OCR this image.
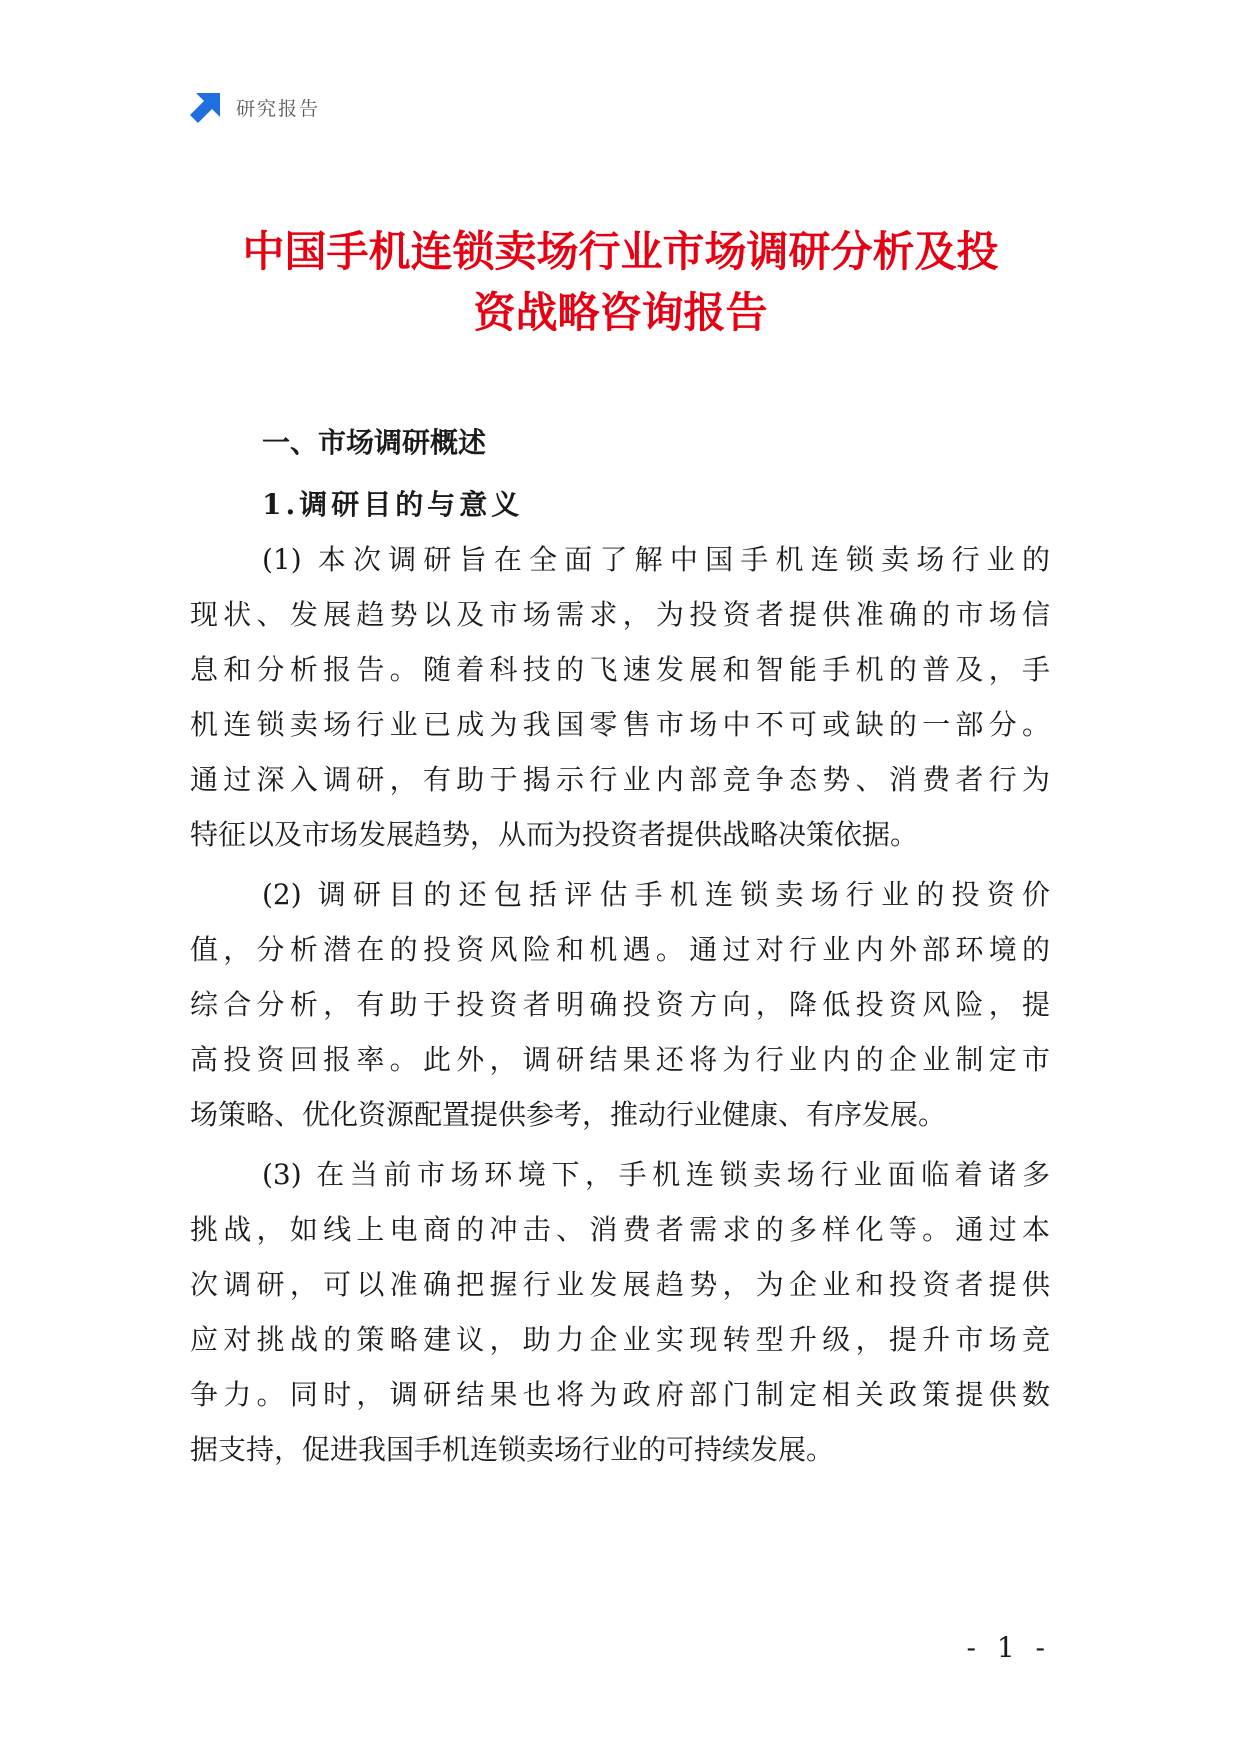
研究报告
中国手机连锁卖场行业市场调研分析及投
资战略咨询报告
一、市场调研概述
1.调研目的与意义

(1) 本次调研旨在全面了解中国手机连锁卖场行业的

现状、发展趋势以及市场需求，为投资者提供准确的市场信

息和分析报告。随着科技的飞速发展和智能手机的普及，手

机连锁卖场行业已成为我国零售市场中不可或缺的一部分。

通过深入调研，有助于揭示行业内部竞争态势、消费者行为

特征以及市场发展趋势，从而为投资者提供战略决策依据。

(2) 调研目的还包括评估手机连锁卖场行业的投资价

值，分析潜在的投资风险和机遇。通过对行业内外部环境的

综合分析，有助于投资者明确投资方向，降低投资风险，提

高投资回报率。此外，调研结果还将为行业内的企业制定市

场策略、优化资源配置提供参考，推动行业健康、有序发展。

(3) 在当前市场环境下，手机连锁卖场行业面临着诸多

挑战，如线上电商的冲击、消费者需求的多样化等。通过本

次调研，可以准确把握行业发展趋势，为企业和投资者提供

应对挑战的策略建议，助力企业实现转型升级，提升市场竞

争力。同时，调研结果也将为政府部门制定相关政策提供数

据支持，促进我国手机连锁卖场行业的可持续发展。

- 1 -
